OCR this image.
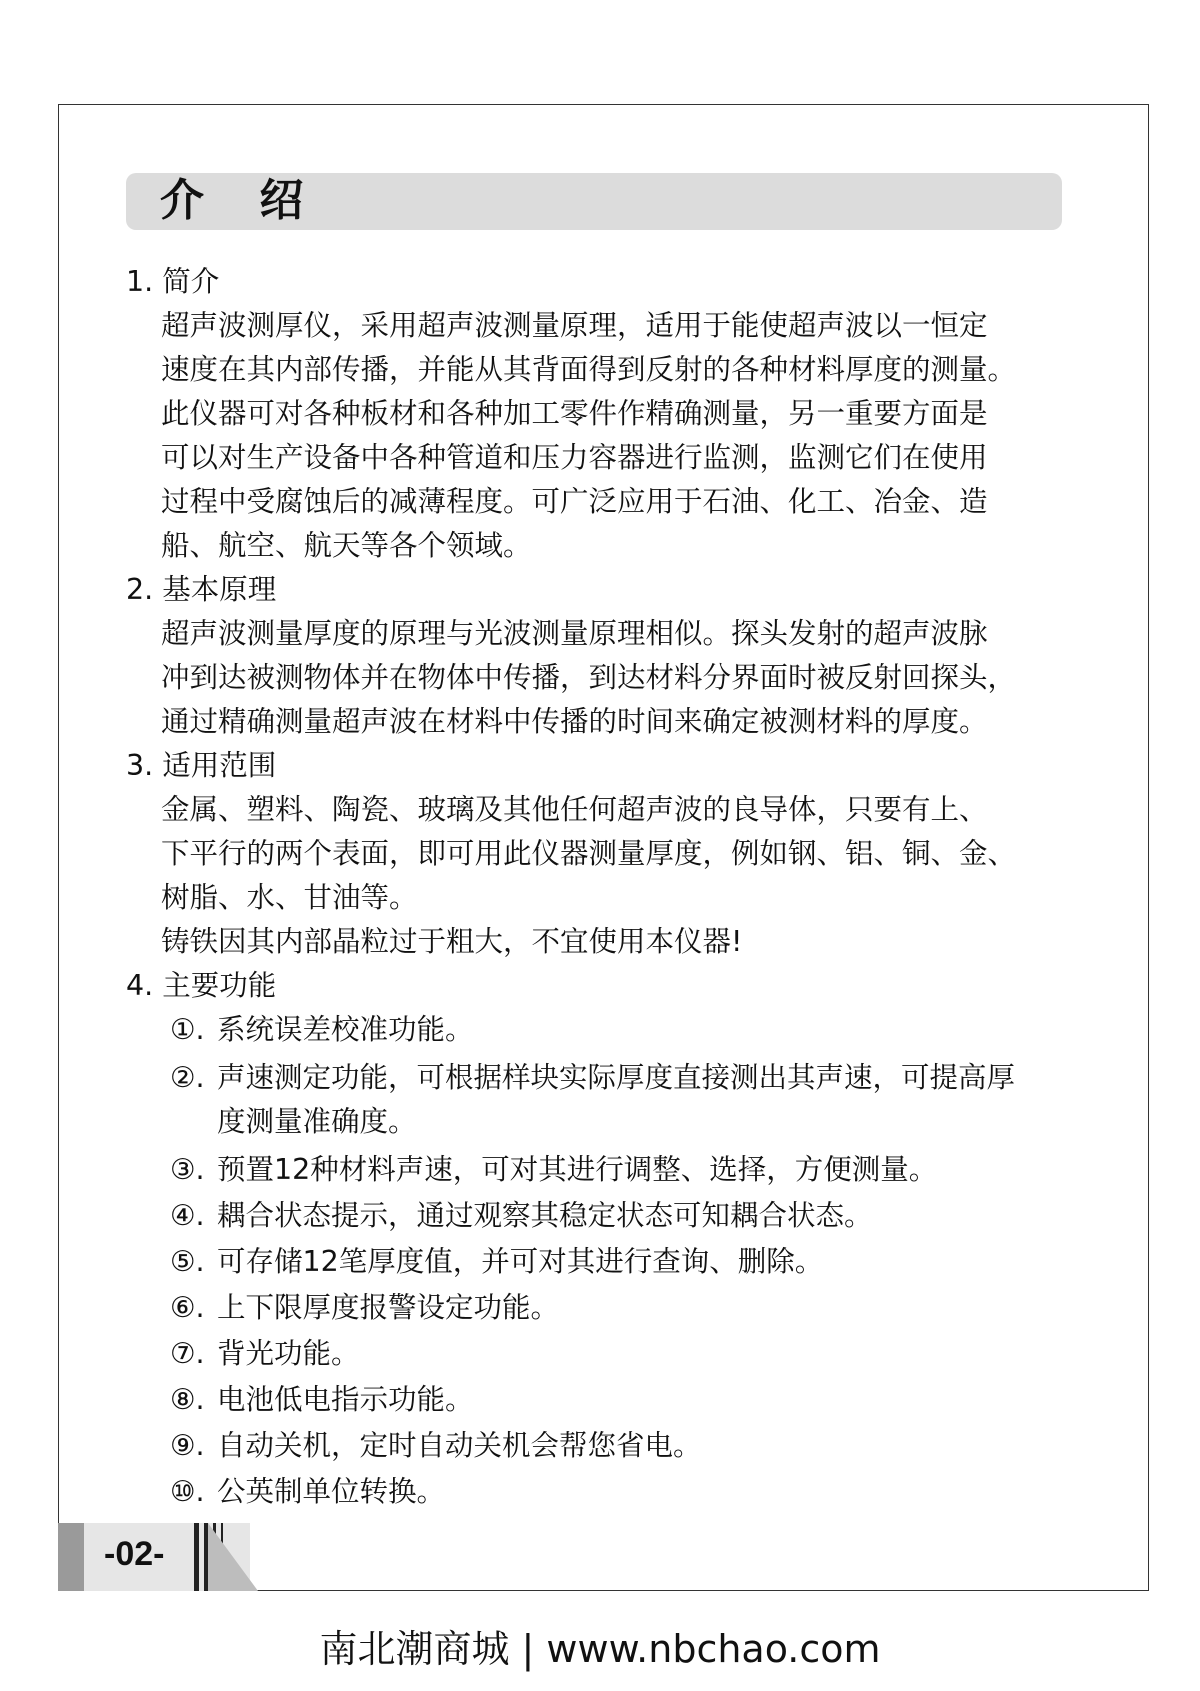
介 绍
1. 简介
超声波测厚仪，采用超声波测量原理，适用于能使超声波以一恒定
速度在其内部传播，并能从其背面得到反射的各种材料厚度的测量。
此仪器可对各种板材和各种加工零件作精确测量，另一重要方面是
可以对生产设备中各种管道和压力容器进行监测，监测它们在使用
过程中受腐蚀后的减薄程度。可广泛应用于石油、化工、冶金、造
船、航空、航天等各个领域。
2. 基本原理
超声波测量厚度的原理与光波测量原理相似。探头发射的超声波脉
冲到达被测物体并在物体中传播，到达材料分界面时被反射回探头，
通过精确测量超声波在材料中传播的时间来确定被测材料的厚度。
3. 适用范围
金属、塑料、陶瓷、玻璃及其他任何超声波的良导体，只要有上、
下平行的两个表面，即可用此仪器测量厚度，例如钢、铝、铜、金、
树脂、水、甘油等。
铸铁因其内部晶粒过于粗大，不宜使用本仪器!
4. 主要功能
①. 系统误差校准功能。
②. 声速测定功能，可根据样块实际厚度直接测出其声速，可提高厚
度测量准确度。
③. 预置12种材料声速，可对其进行调整、选择，方便测量。
④. 耦合状态提示，通过观察其稳定状态可知耦合状态。
⑤. 可存储12笔厚度值，并可对其进行查询、删除。
⑥. 上下限厚度报警设定功能。
⑦. 背光功能。
⑧. 电池低电指示功能。
⑨. 自动关机，定时自动关机会帮您省电。
⑩. 公英制单位转换。
-02-
南北潮商城 | www.nbchao.com
